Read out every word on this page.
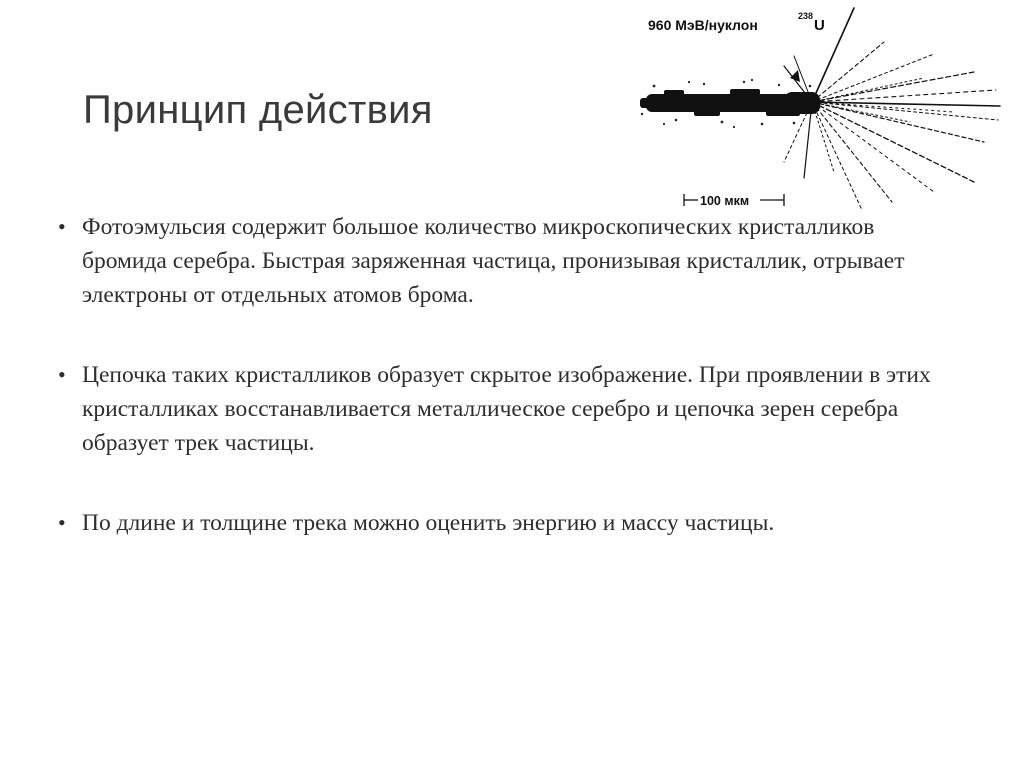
Принцип действия
960 МэВ/нуклон
238
U
100 мкм
• Фотоэмульсия содержит большое количество микроскопических кристалликов бромида серебра. Быстрая заряженная частица, пронизывая кристаллик, отрывает электроны от отдельных атомов брома.
• Цепочка таких кристалликов образует скрытое изображение. При проявлении в этих кристалликах восстанавливается металлическое серебро и цепочка зерен серебра образует трек частицы.
• По длине и толщине трека можно оценить энергию и массу частицы.
